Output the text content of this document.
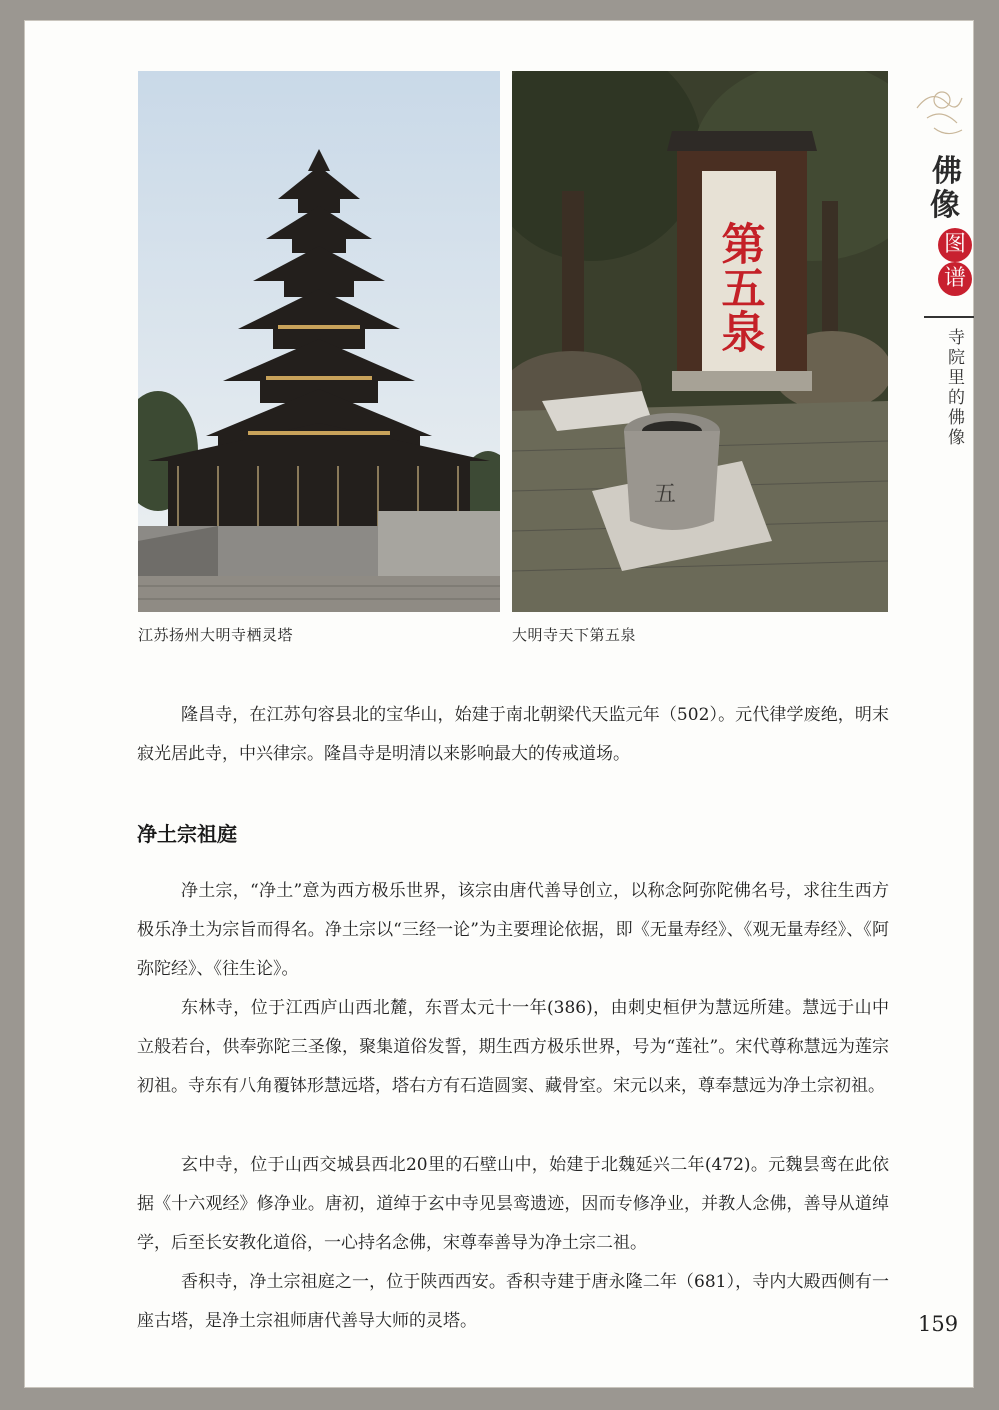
第五泉
五
江苏扬州大明寺栖灵塔	大明寺天下第五泉
佛
像
图
谱
寺院里的佛像

隆昌寺，在江苏句容县北的宝华山，始建于南北朝梁代天监元年（502）。元代律学废绝，明末寂光居此寺，中兴律宗。隆昌寺是明清以来影响最大的传戒道场。

净土宗祖庭

净土宗，“净土”意为西方极乐世界，该宗由唐代善导创立，以称念阿弥陀佛名号，求往生西方极乐净土为宗旨而得名。净土宗以“三经一论”为主要理论依据，即《无量寿经》、《观无量寿经》、《阿弥陀经》、《往生论》。

东林寺，位于江西庐山西北麓，东晋太元十一年(386)，由刺史桓伊为慧远所建。慧远于山中立般若台，供奉弥陀三圣像，聚集道俗发誓，期生西方极乐世界，号为“莲社”。宋代尊称慧远为莲宗初祖。寺东有八角覆钵形慧远塔，塔右方有石造圆窦、藏骨室。宋元以来，尊奉慧远为净土宗初祖。

玄中寺，位于山西交城县西北20里的石壁山中，始建于北魏延兴二年(472)。元魏昙鸾在此依据《十六观经》修净业。唐初，道绰于玄中寺见昙鸾遗迹，因而专修净业，并教人念佛，善导从道绰学，后至长安教化道俗，一心持名念佛，宋尊奉善导为净土宗二祖。

香积寺，净土宗祖庭之一，位于陕西西安。香积寺建于唐永隆二年（681），寺内大殿西侧有一座古塔，是净土宗祖师唐代善导大师的灵塔。	159
